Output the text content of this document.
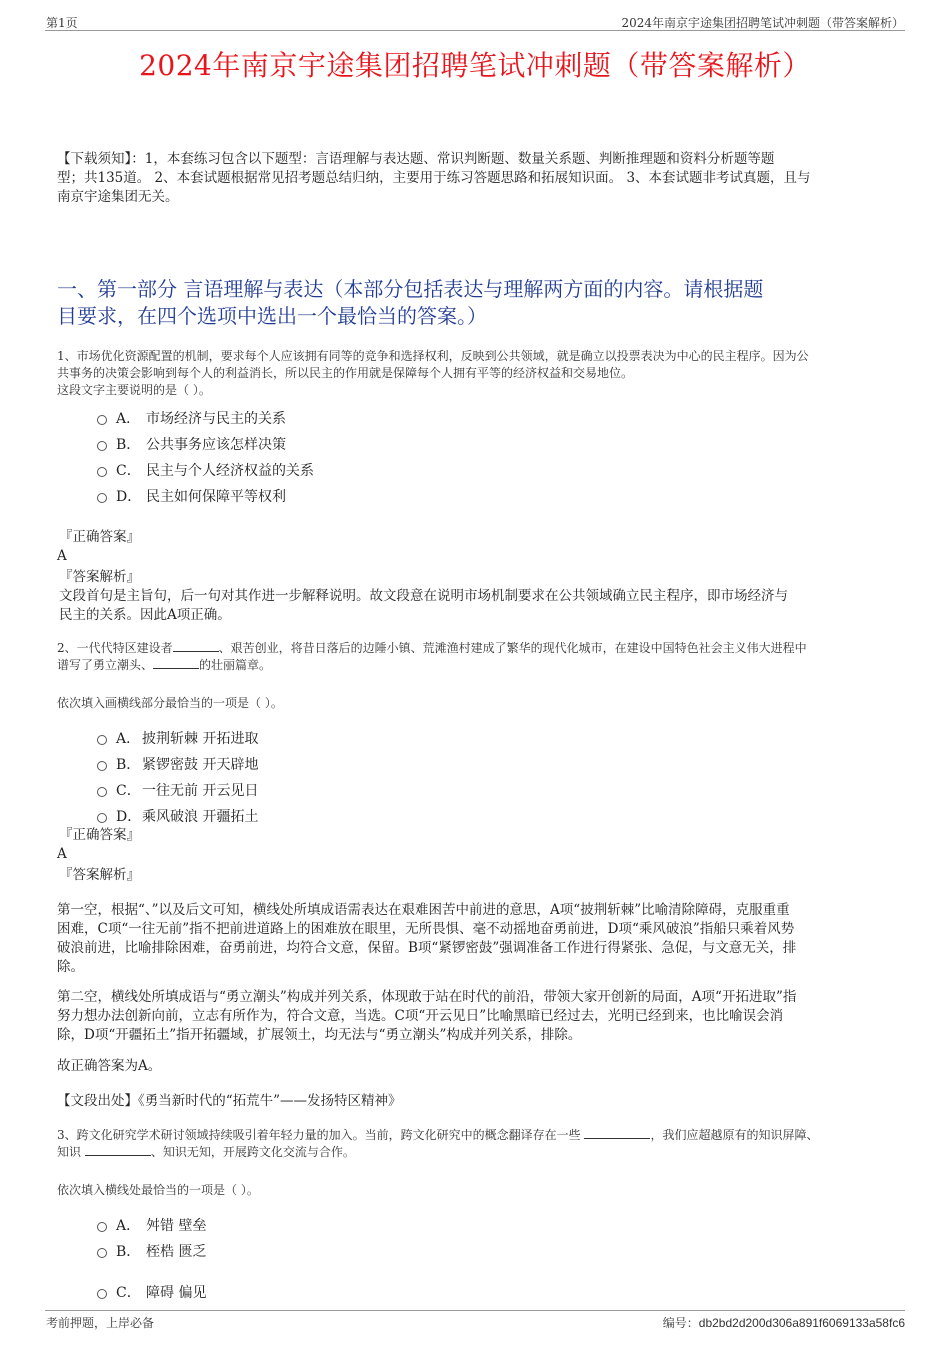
第1页	2024年南京宇途集团招聘笔试冲刺题（带答案解析）
2024年南京宇途集团招聘笔试冲刺题（带答案解析）
【下载须知】：1，本套练习包含以下题型：言语理解与表达题、常识判断题、数量关系题、判断推理题和资料分析题等题
型；共135道。 2、本套试题根据常见招考题总结归纳，主要用于练习答题思路和拓展知识面。 3、本套试题非考试真题，且与
南京宇途集团无关。
一、第一部分 言语理解与表达（本部分包括表达与理解两方面的内容。请根据题
目要求，在四个选项中选出一个最恰当的答案。）
1、市场优化资源配置的机制，要求每个人应该拥有同等的竞争和选择权利，反映到公共领域，就是确立以投票表决为中心的民主程序。因为公
共事务的决策会影响到每个人的利益消长，所以民主的作用就是保障每个人拥有平等的经济权益和交易地位。
这段文字主要说明的是（ ）。
A． 市场经济与民主的关系
B． 公共事务应该怎样决策
C． 民主与个人经济权益的关系
D． 民主如何保障平等权利
『正确答案』
A
『答案解析』
文段首句是主旨句，后一句对其作进一步解释说明。故文段意在说明市场机制要求在公共领域确立民主程序，即市场经济与
民主的关系。因此A项正确。
2、一代代特区建设者	、艰苦创业，将昔日落后的边陲小镇、荒滩渔村建成了繁华的现代化城市，在建设中国特色社会主义伟大进程中
谱写了勇立潮头、	的壮丽篇章。
依次填入画横线部分最恰当的一项是（ ）。
A． 披荆斩棘 开拓进取
B． 紧锣密鼓 开天辟地
C． 一往无前 开云见日
D． 乘风破浪 开疆拓土
『正确答案』
A
『答案解析』
第一空，根据“、”以及后文可知，横线处所填成语需表达在艰难困苦中前进的意思，A项“披荆斩棘”比喻清除障碍，克服重重
困难，C项“一往无前”指不把前进道路上的困难放在眼里，无所畏惧、毫不动摇地奋勇前进，D项“乘风破浪”指船只乘着风势
破浪前进，比喻排除困难，奋勇前进，均符合文意，保留。B项“紧锣密鼓”强调准备工作进行得紧张、急促，与文意无关，排
除。
第二空，横线处所填成语与“勇立潮头”构成并列关系，体现敢于站在时代的前沿，带领大家开创新的局面，A项“开拓进取”指
努力想办法创新向前，立志有所作为，符合文意，当选。C项“开云见日”比喻黑暗已经过去，光明已经到来，也比喻误会消
除，D项“开疆拓土”指开拓疆域，扩展领土，均无法与“勇立潮头”构成并列关系，排除。
故正确答案为A。
【文段出处】《勇当新时代的“拓荒牛”——发扬特区精神》
3、跨文化研究学术研讨领域持续吸引着年轻力量的加入。当前，跨文化研究中的概念翻译存在一些	，我们应超越原有的知识屏障、
知识	、知识无知，开展跨文化交流与合作。
依次填入横线处最恰当的一项是（ ）。
A． 舛错 壁垒
B． 桎梏 匮乏
C． 障碍 偏见
考前押题，上岸必备	编号：db2bd2d200d306a891f6069133a58fc6
